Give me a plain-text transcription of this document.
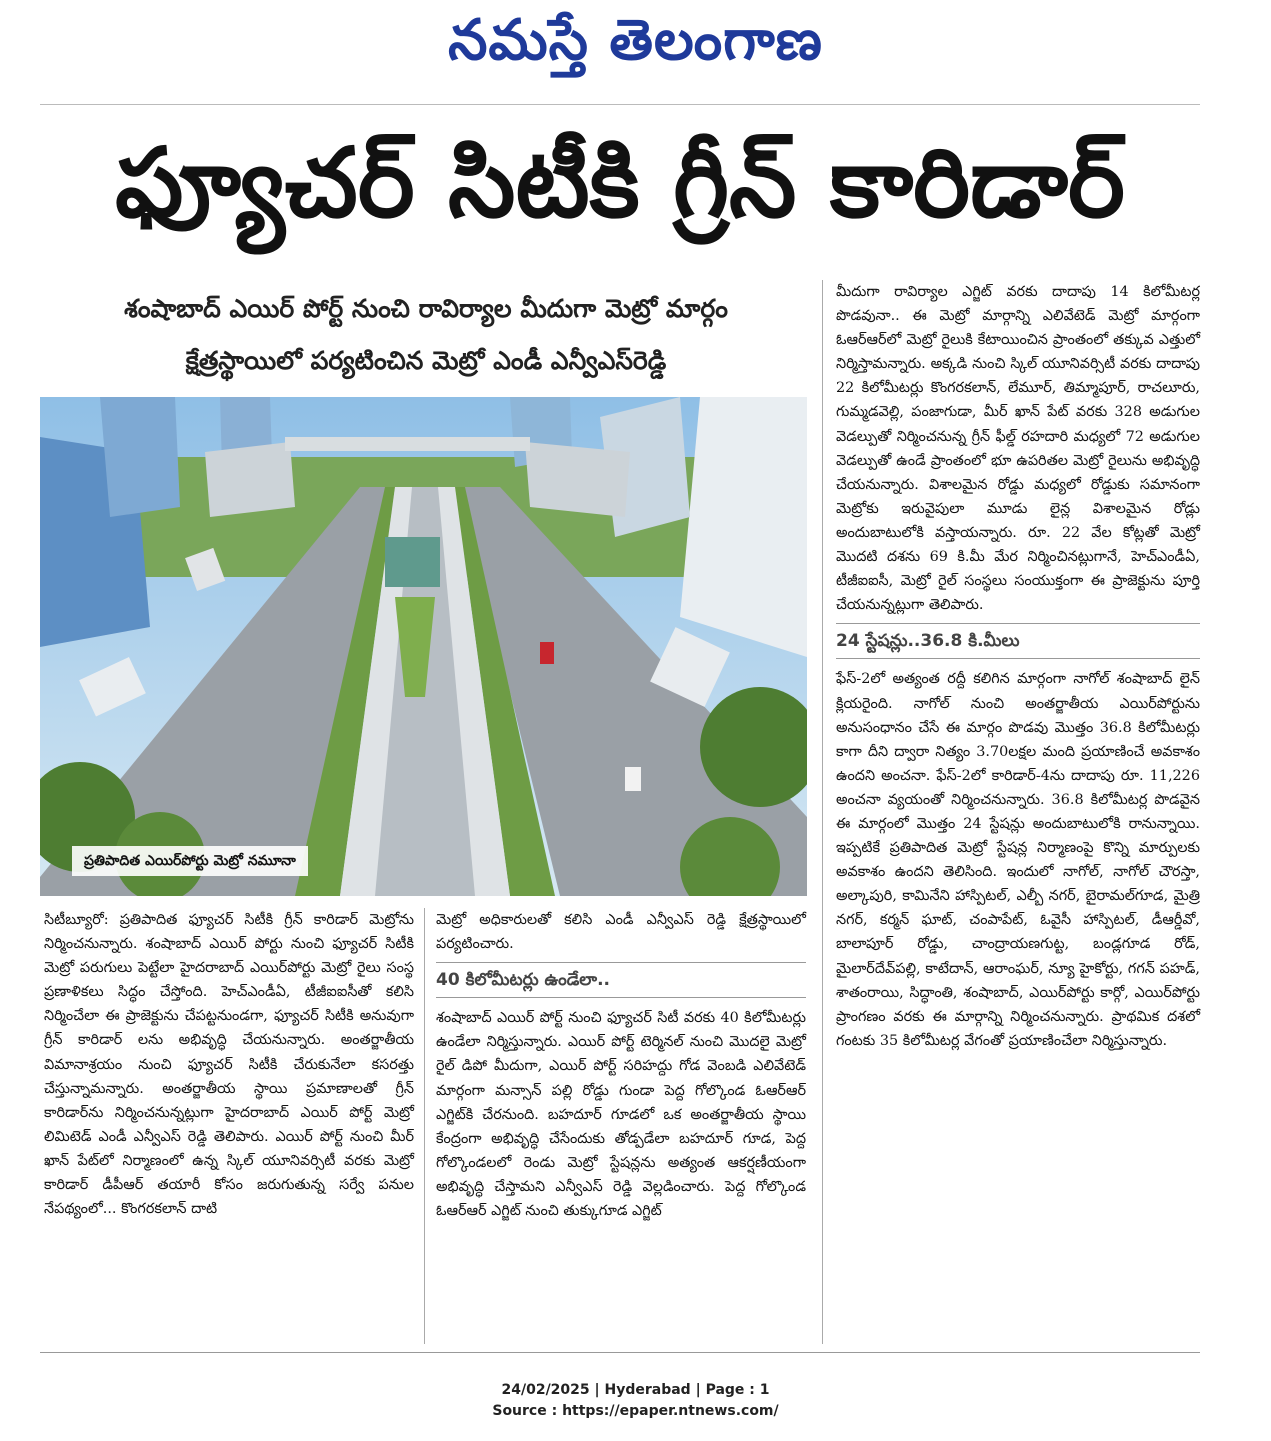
నమస్తే తెలంగాణ
ఫ్యూచర్ సిటీకి గ్రీన్ కారిడార్
శంషాబాద్ ఎయిర్ పోర్ట్ నుంచి రావిర్యాల మీదుగా మెట్రో మార్గం
క్షేత్రస్థాయిలో పర్యటించిన మెట్రో ఎండీ ఎన్వీఎస్‌రెడ్డి
ప్రతిపాదిత ఎయిర్‌పోర్టు మెట్రో నమూనా

సిటీబ్యూరో: ప్రతిపాదిత ఫ్యూచర్ సిటీకి గ్రీన్ కారిడార్ మెట్రోను నిర్మించనున్నారు. శంషాబాద్ ఎయిర్ పోర్టు నుంచి ఫ్యూచర్ సిటీకి మెట్రో పరుగులు పెట్టేలా హైదరాబాద్ ఎయిర్‌పోర్టు మెట్రో రైలు సంస్థ ప్రణాళికలు సిద్ధం చేస్తోంది. హెచ్ఎండీఏ, టీజీఐఐసీతో కలిసి నిర్మించేలా ఈ ప్రాజెక్టును చేపట్టనుండగా, ఫ్యూచర్ సిటీకి అనువుగా గ్రీన్ కారిడార్ లను అభివృద్ధి చేయనున్నారు. అంతర్జాతీయ విమానాశ్రయం నుంచి ఫ్యూచర్ సిటీకి చేరుకునేలా కసరత్తు చేస్తున్నామన్నారు. అంతర్జాతీయ స్థాయి ప్రమాణాలతో గ్రీన్ కారిడార్‌ను నిర్మించనున్నట్లుగా హైదరాబాద్ ఎయిర్ పోర్ట్ మెట్రో లిమిటెడ్ ఎండీ ఎన్వీఎస్ రెడ్డి తెలిపారు. ఎయిర్ పోర్ట్ నుంచి మీర్ ఖాన్ పేట్‌లో నిర్మాణంలో ఉన్న స్కిల్ యూనివర్సిటీ వరకు మెట్రో కారిడార్ డీపీఆర్ తయారీ కోసం జరుగుతున్న సర్వే పనుల నేపథ్యంలో... కొంగరకలాన్ దాటి

మెట్రో అధికారులతో కలిసి ఎండీ ఎన్వీఎస్ రెడ్డి క్షేత్రస్థాయిలో పర్యటించారు.

40 కిలోమీటర్లు ఉండేలా..

శంషాబాద్ ఎయిర్ పోర్ట్ నుంచి ఫ్యూచర్ సిటీ వరకు 40 కిలోమీటర్లు ఉండేలా నిర్మిస్తున్నారు. ఎయిర్ పోర్ట్ టెర్మినల్ నుంచి మొదలై మెట్రో రైల్ డిపో మీదుగా, ఎయిర్ పోర్ట్ సరిహద్దు గోడ వెంబడి ఎలివేటెడ్ మార్గంగా మన్సాన్ పల్లి రోడ్డు గుండా పెద్ద గోల్కొండ ఓఆర్ఆర్ ఎగ్జిట్‌కి చేరనుంది. బహదూర్ గూడలో ఒక అంతర్జాతీయ స్థాయి కేంద్రంగా అభివృద్ధి చేసేందుకు తోడ్పడేలా బహదూర్ గూడ, పెద్ద గోల్కొండలలో రెండు మెట్రో స్టేషన్లను అత్యంత ఆకర్షణీయంగా అభివృద్ధి చేస్తామని ఎన్వీఎస్ రెడ్డి వెల్లడించారు. పెద్ద గోల్కొండ ఓఆర్ఆర్ ఎగ్జిట్ నుంచి తుక్కుగూడ ఎగ్జిట్

మీదుగా రావిర్యాల ఎగ్జిట్ వరకు దాదాపు 14 కిలోమీటర్ల పొడవునా.. ఈ మెట్రో మార్గాన్ని ఎలివేటెడ్ మెట్రో మార్గంగా ఓఆర్ఆర్‌లో మెట్రో రైలుకి కేటాయించిన ప్రాంతంలో తక్కువ ఎత్తులో నిర్మిస్తామన్నారు. అక్కడి నుంచి స్కిల్ యూనివర్సిటీ వరకు దాదాపు 22 కిలోమీటర్లు కొంగరకలాన్, లేమూర్, తిమ్మాపూర్, రాచలూరు, గుమ్మడవెల్లి, పంజాగుడా, మీర్ ఖాన్ పేట్ వరకు 328 అడుగుల వెడల్పుతో నిర్మించనున్న గ్రీన్ ఫీల్డ్ రహదారి మధ్యలో 72 అడుగుల వెడల్పుతో ఉండే ప్రాంతంలో భూ ఉపరితల మెట్రో రైలును అభివృద్ధి చేయనున్నారు. విశాలమైన రోడ్డు మధ్యలో రోడ్డుకు సమానంగా మెట్రోకు ఇరువైపులా మూడు లైన్ల విశాలమైన రోడ్లు అందుబాటులోకి వస్తాయన్నారు. రూ. 22 వేల కోట్లతో మెట్రో మొదటి దశను 69 కి.మీ మేర నిర్మించినట్లుగానే, హెచ్ఎండీఏ, టీజీఐఐసీ, మెట్రో రైల్ సంస్థలు సంయుక్తంగా ఈ ప్రాజెక్టును పూర్తి చేయనున్నట్లుగా తెలిపారు.

24 స్టేషన్లు..36.8 కి.మీలు

ఫేస్-2లో అత్యంత రద్దీ కలిగిన మార్గంగా నాగోల్ శంషాబాద్ లైన్ క్లియరైంది. నాగోల్ నుంచి అంతర్జాతీయ ఎయిర్‌పోర్టును అనుసంధానం చేసే ఈ మార్గం పొడవు మొత్తం 36.8 కిలోమీటర్లు కాగా దీని ద్వారా నిత్యం 3.70లక్షల మంది ప్రయాణించే అవకాశం ఉందని అంచనా. ఫేస్-2లో కారిడార్-4ను దాదాపు రూ. 11,226 అంచనా వ్యయంతో నిర్మించనున్నారు. 36.8 కిలోమీటర్ల పొడవైన ఈ మార్గంలో మొత్తం 24 స్టేషన్లు అందుబాటులోకి రానున్నాయి. ఇప్పటికే ప్రతిపాదిత మెట్రో స్టేషన్ల నిర్మాణంపై కొన్ని మార్పులకు అవకాశం ఉందని తెలిసింది. ఇందులో నాగోల్, నాగోల్ చౌరస్తా, అల్కాపురి, కామినేని హాస్పిటల్, ఎల్బీ నగర్, బైరామల్‌గూడ, మైత్రి నగర్, కర్మన్ ఘాట్, చంపాపేట్, ఓవైసీ హాస్పిటల్, డీఆర్డీవో, బాలాపూర్ రోడ్డు, చాంద్రాయణగుట్ట, బండ్లగూడ రోడ్, మైలార్‌దేవ్‌పల్లి, కాటేదాన్, ఆరాంఘర్, న్యూ హైకోర్టు, గగన్ పహడ్, శాతంరాయి, సిద్ధాంతి, శంషాబాద్, ఎయిర్‌పోర్టు కార్గో, ఎయిర్‌పోర్టు ప్రాంగణం వరకు ఈ మార్గాన్ని నిర్మించనున్నారు. ప్రాథమిక దశలో గంటకు 35 కిలోమీటర్ల వేగంతో ప్రయాణించేలా నిర్మిస్తున్నారు.

24/02/2025 | Hyderabad | Page : 1
Source : https://epaper.ntnews.com/
